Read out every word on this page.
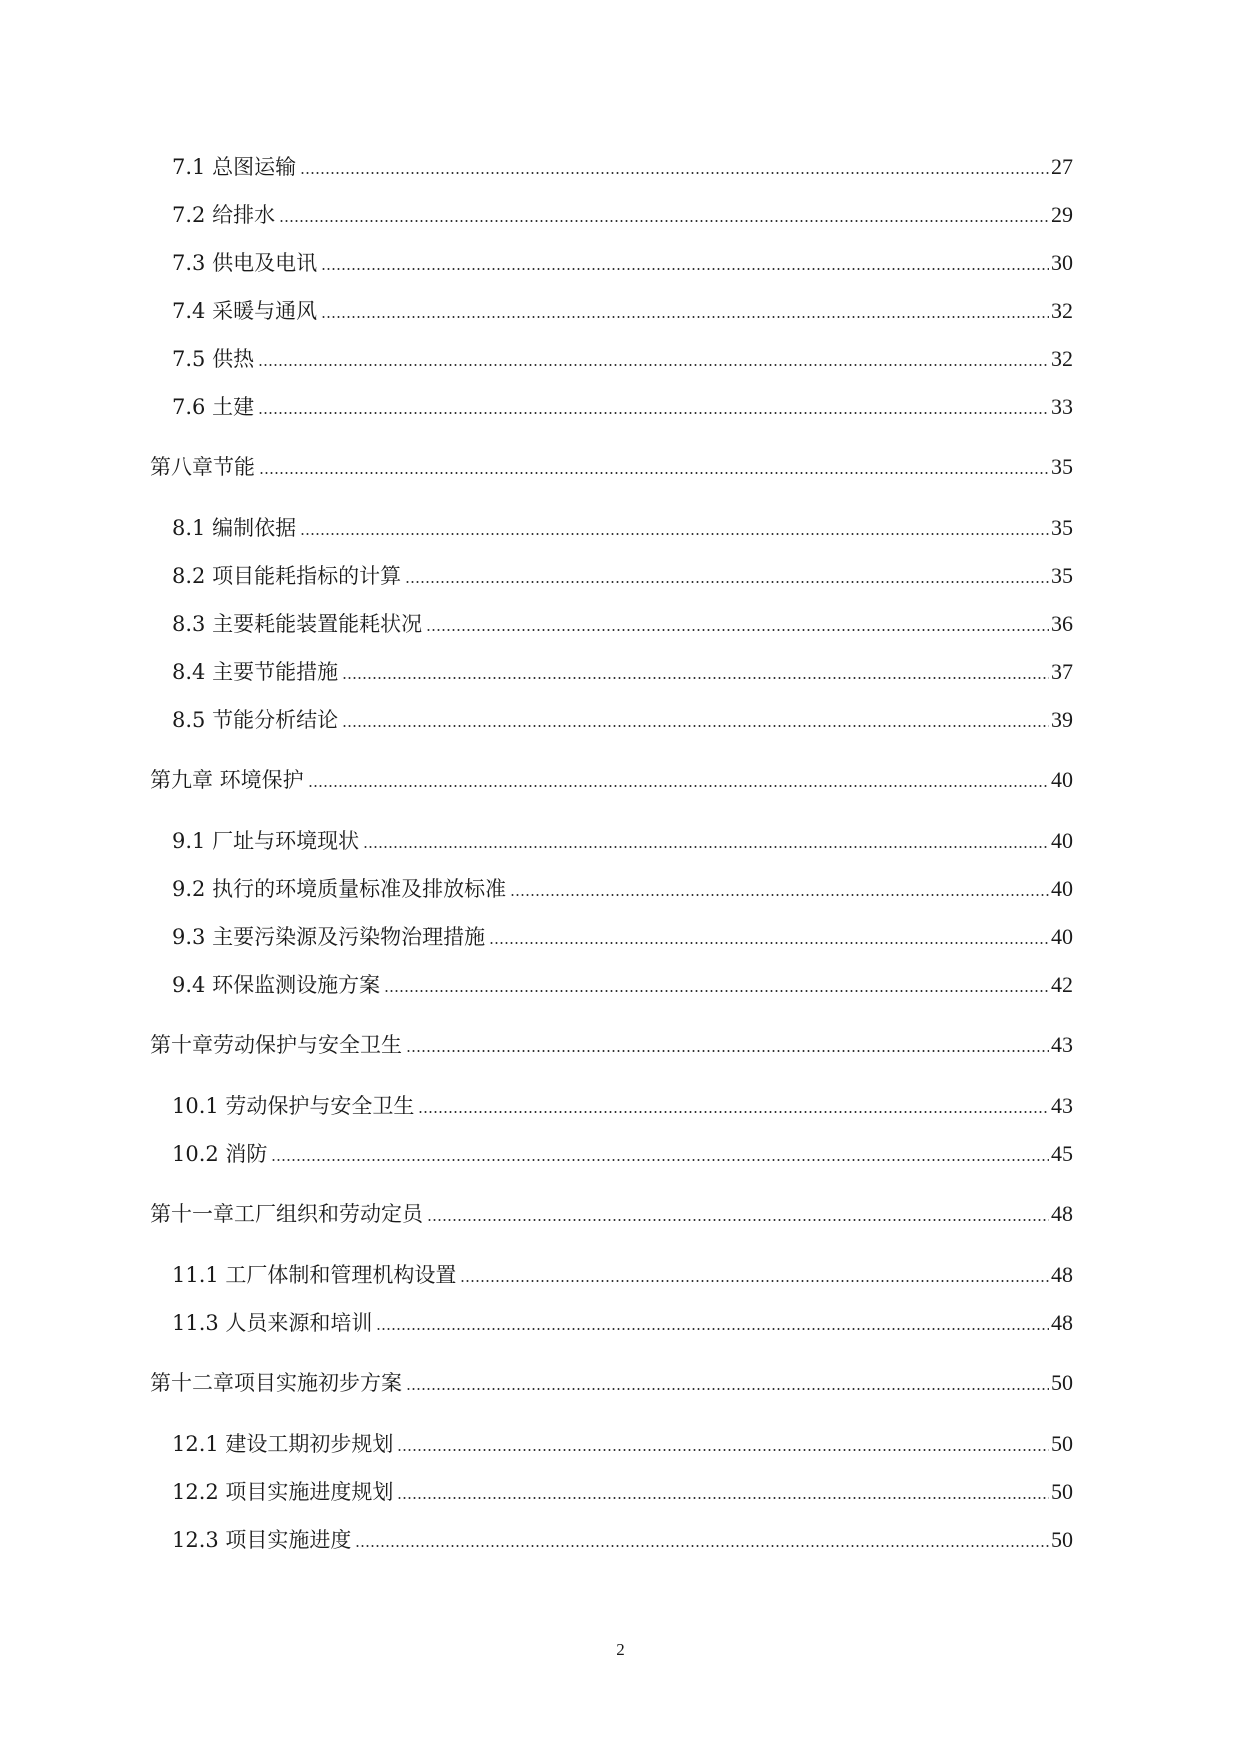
7.1 总图运输	27
7.2 给排水	29
7.3 供电及电讯	30
7.4 采暖与通风	32
7.5 供热	32
7.6 土建	33
第八章节能	35
8.1 编制依据	35
8.2 项目能耗指标的计算	35
8.3 主要耗能装置能耗状况	36
8.4 主要节能措施	37
8.5 节能分析结论	39
第九章 环境保护	40
9.1 厂址与环境现状	40
9.2 执行的环境质量标准及排放标准	40
9.3 主要污染源及污染物治理措施	40
9.4 环保监测设施方案	42
第十章劳动保护与安全卫生	43
10.1 劳动保护与安全卫生	43
10.2 消防	45
第十一章工厂组织和劳动定员	48
11.1 工厂体制和管理机构设置	48
11.3 人员来源和培训	48
第十二章项目实施初步方案	50
12.1 建设工期初步规划	50
12.2 项目实施进度规划	50
12.3 项目实施进度	50
2
